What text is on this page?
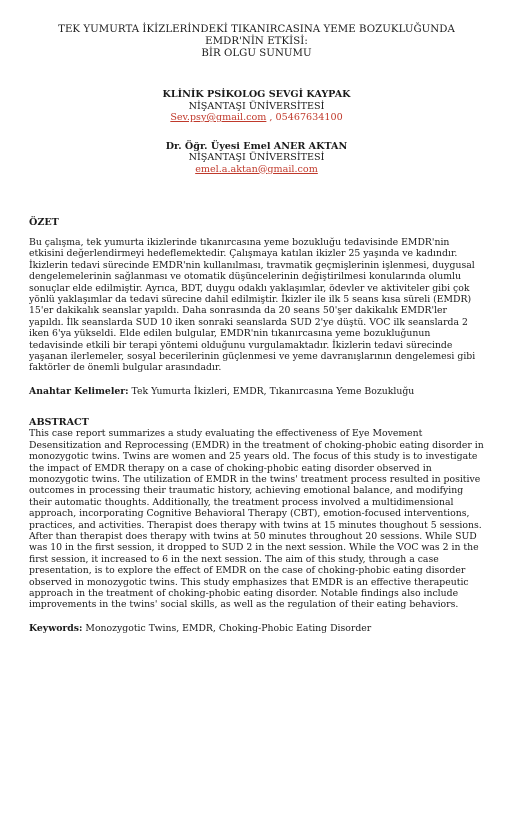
TEK YUMURTA İKİZLERİNDEKİ TIKANIRCASINA YEME BOZUKLUĞUNDA EMDR'NİN ETKİSİ:
BİR OLGU SUNUMU
KLİNİK PSİKOLOG SEVGİ KAYPAK
NİŞANTAŞI ÜNİVERSİTESİ
Sev.psy@gmail.com , 05467634100
Dr. Öğr. Üyesi Emel ANER AKTAN
NİŞANTAŞI ÜNİVERSİTESİ
emel.a.aktan@gmail.com
ÖZET

Bu çalışma, tek yumurta ikizlerinde tıkanırcasına yeme bozukluğu tedavisinde EMDR'nin etkisini değerlendirmeyi hedeflemektedir. Çalışmaya katılan ikizler 25 yaşında ve kadındır. İkizlerin tedavi sürecinde EMDR'nin kullanılması, travmatik geçmişlerinin işlenmesi, duygusal dengelemelerinin sağlanması ve otomatik düşüncelerinin değiştirilmesi konularında olumlu sonuçlar elde edilmiştir. Ayrıca, BDT, duygu odaklı yaklaşımlar, ödevler ve aktiviteler gibi çok yönlü yaklaşımlar da tedavi sürecine dahil edilmiştir. İkizler ile ilk 5 seans kısa süreli (EMDR) 15'er dakikalık seanslar yapıldı. Daha sonrasında da 20 seans 50'şer dakikalık EMDR'ler yapıldı. İlk seanslarda SUD 10 iken sonraki seanslarda SUD 2'ye düştü. VOC ilk seanslarda 2 iken 6'ya yükseldi. Elde edilen bulgular, EMDR'nin tıkanırcasına yeme bozukluğunun tedavisinde etkili bir terapi yöntemi olduğunu vurgulamaktadır. İkizlerin tedavi sürecinde yaşanan ilerlemeler, sosyal becerilerinin güçlenmesi ve yeme davranışlarının dengelemesi gibi faktörler de önemli bulgular arasındadır.

Anahtar Kelimeler: Tek Yumurta İkizleri, EMDR, Tıkanırcasına Yeme Bozukluğu

ABSTRACT

This case report summarizes a study evaluating the effectiveness of Eye Movement Desensitization and Reprocessing (EMDR) in the treatment of choking-phobic eating disorder in monozygotic twins. Twins are women and 25 years old. The focus of this study is to investigate the impact of EMDR therapy on a case of choking-phobic eating disorder observed in monozygotic twins. The utilization of EMDR in the twins' treatment process resulted in positive outcomes in processing their traumatic history, achieving emotional balance, and modifying their automatic thoughts. Additionally, the treatment process involved a multidimensional approach, incorporating Cognitive Behavioral Therapy (CBT), emotion-focused interventions, practices, and activities. Therapist does therapy with twins at 15 minutes thoughout 5 sessions. After than therapist does therapy with twins at 50 minutes throughout 20 sessions. While SUD was 10 in the first session, it dropped to SUD 2 in the next session. While the VOC was 2 in the first session, it increased to 6 in the next session. The aim of this study, through a case presentation, is to explore the effect of EMDR on the case of choking-phobic eating disorder observed in monozygotic twins. This study emphasizes that EMDR is an effective therapeutic approach in the treatment of choking-phobic eating disorder. Notable findings also include improvements in the twins' social skills, as well as the regulation of their eating behaviors.

Keywords: Monozygotic Twins, EMDR, Choking-Phobic Eating Disorder
